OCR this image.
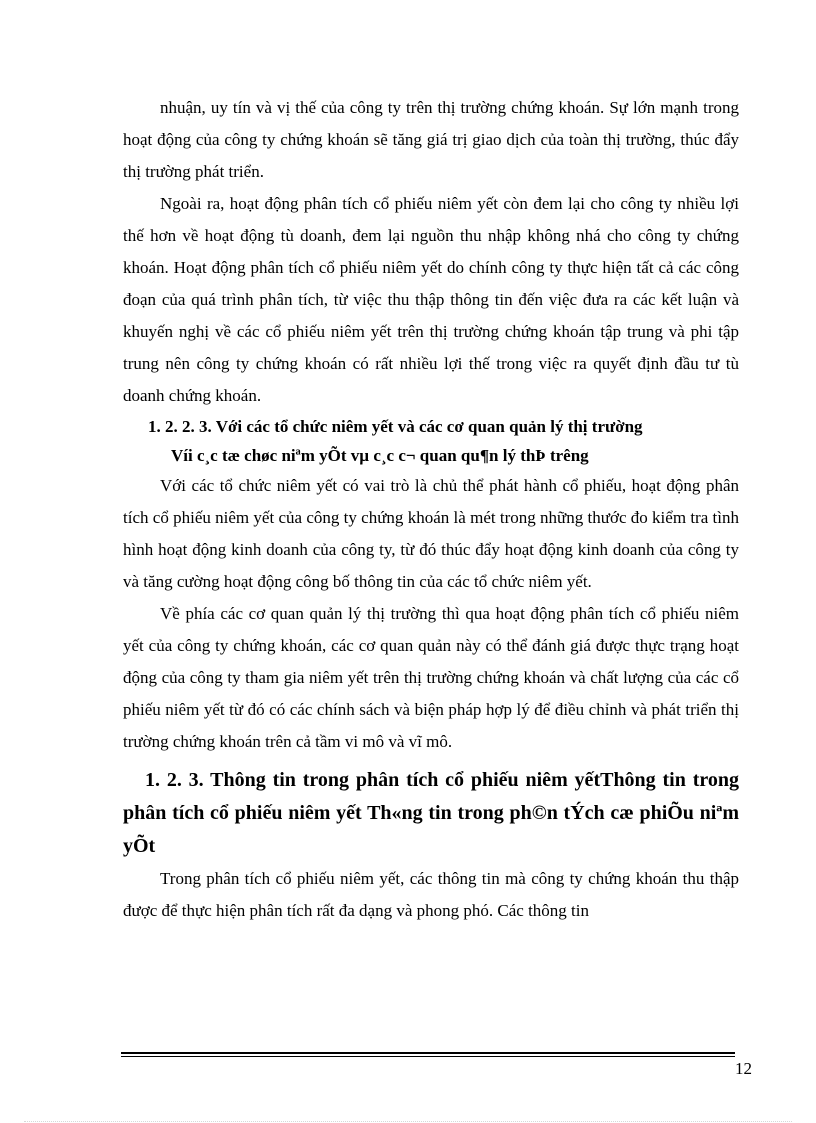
nhuận, uy tín và vị thế của công ty trên thị trường chứng khoán. Sự lớn mạnh trong hoạt động của công ty chứng khoán sẽ tăng giá trị giao dịch của toàn thị trường, thúc đẩy thị trường phát triển.

Ngoài ra, hoạt động phân tích cổ phiếu niêm yết còn đem lại cho công ty nhiều lợi thế hơn về hoạt động tù doanh, đem lại nguồn thu nhập không nhá cho công ty chứng khoán. Hoạt động phân tích cổ phiếu niêm yết do chính công ty thực hiện tất cả các công đoạn của quá trình phân tích, từ việc thu thập thông tin đến việc đưa ra các kết luận và khuyến nghị về các cổ phiếu niêm yết trên thị trường chứng khoán tập trung và phi tập trung nên công ty chứng khoán có rất nhiều lợi thế trong việc ra quyết định đầu tư tù doanh chứng khoán.

1. 2. 2. 3. Với các tổ chức niêm yết và các cơ quan quản lý thị trường

Víi c¸c tæ chøc niªm yÕt vµ c¸c c¬ quan qu¶n lý thÞ trêng

Với các tổ chức niêm yết có vai trò là chủ thể phát hành cổ phiếu, hoạt động phân tích cổ phiếu niêm yết của công ty chứng khoán là mét trong những thước đo kiểm tra tình hình hoạt động kinh doanh của công ty, từ đó thúc đẩy hoạt động kinh doanh của công ty và tăng cường hoạt động công bố thông tin của các tổ chức niêm yết.

Về phía các cơ quan quản lý thị trường thì qua hoạt động phân tích cổ phiếu niêm yết của công ty chứng khoán, các cơ quan quản này có thể đánh giá được thực trạng hoạt động của công ty tham gia niêm yết trên thị trường chứng khoán và chất lượng của các cổ phiếu niêm yết từ đó có các chính sách và biện pháp hợp lý để điều chỉnh và phát triển thị trường chứng khoán trên cả tầm vi mô và vĩ mô.

1. 2. 3. Thông tin trong phân tích cổ phiếu niêm yếtThông tin trong phân tích cổ phiếu niêm yết Th«ng tin trong ph©n tÝch cæ phiÕu niªm yÕt

Trong phân tích cổ phiếu niêm yết, các thông tin mà công ty chứng khoán thu thập được để thực hiện phân tích rất đa dạng và phong phó. Các thông tin

12
